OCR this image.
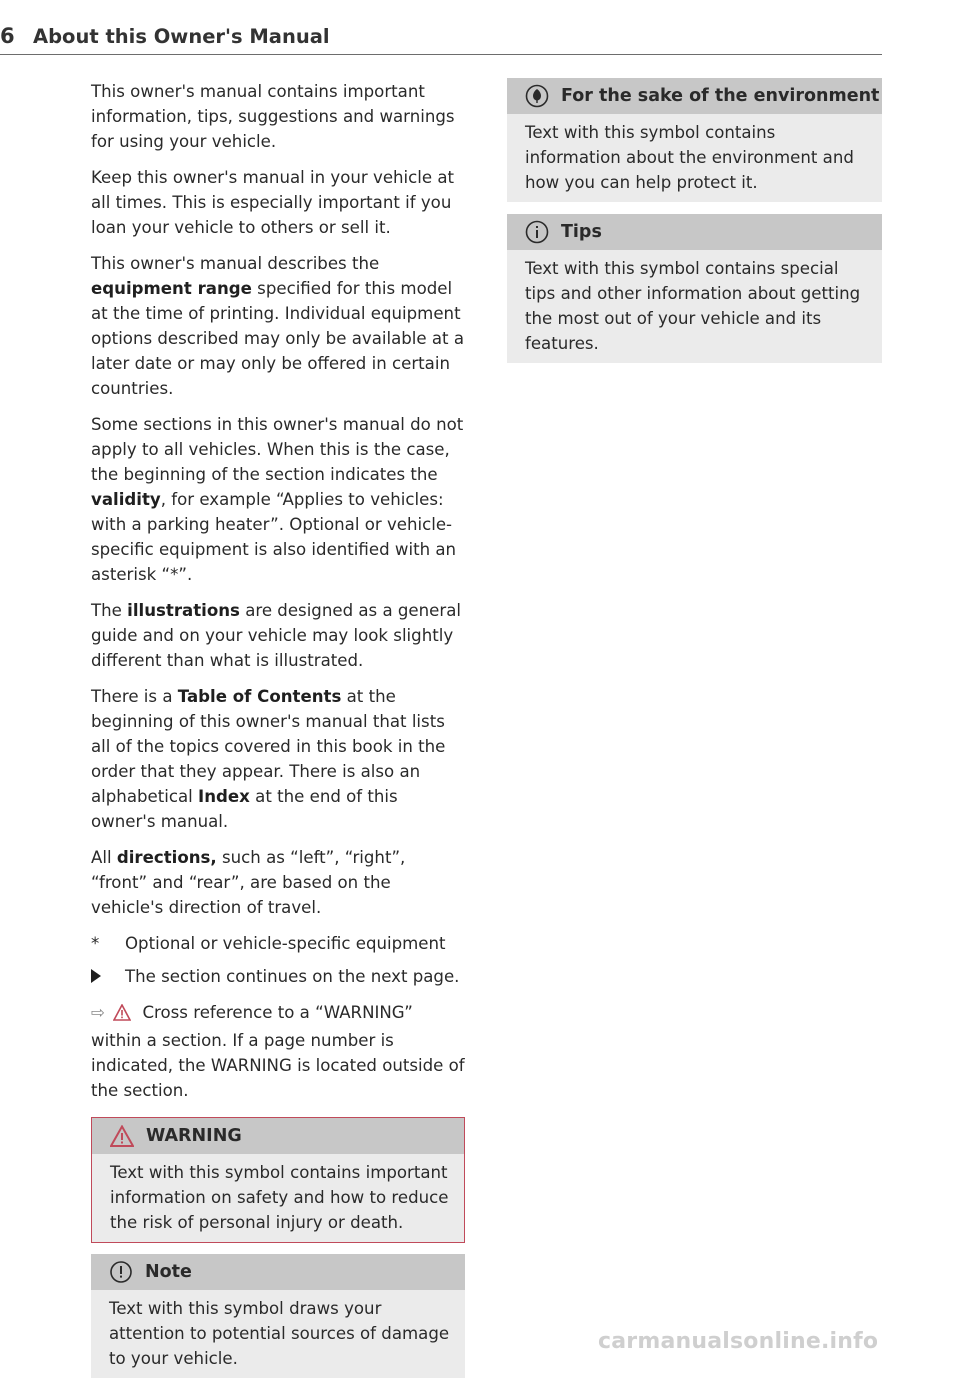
6 About this Owner's Manual

This owner's manual contains important information, tips, suggestions and warnings for using your vehicle.

Keep this owner's manual in your vehicle at all times. This is especially important if you loan your vehicle to others or sell it.

This owner's manual describes the equipment range specified for this model at the time of printing. Individual equipment options described may only be available at a later date or may only be offered in certain countries.

Some sections in this owner's manual do not apply to all vehicles. When this is the case, the beginning of the section indicates the validity, for example “Applies to vehicles: with a parking heater”. Optional or vehicle-specific equipment is also identified with an asterisk “*”.

The illustrations are designed as a general guide and on your vehicle may look slightly different than what is illustrated.

There is a Table of Contents at the beginning of this owner's manual that lists all of the topics covered in this book in the order that they appear. There is also an alphabetical Index at the end of this owner's manual.

All directions, such as “left”, “right”, “front” and “rear”, are based on the vehicle's direction of travel.

*	Optional or vehicle-specific equipment
The section continues on the next page.

⇨ Cross reference to a “WARNING” within a section. If a page number is indicated, the WARNING is located outside of the section.

WARNING
Text with this symbol contains important information on safety and how to reduce the risk of personal injury or death.
Note
Text with this symbol draws your attention to potential sources of damage to your vehicle.
For the sake of the environment
Text with this symbol contains information about the environment and how you can help protect it.
Tips
Text with this symbol contains special tips and other information about getting the most out of your vehicle and its features.
carmanualsonline.info
